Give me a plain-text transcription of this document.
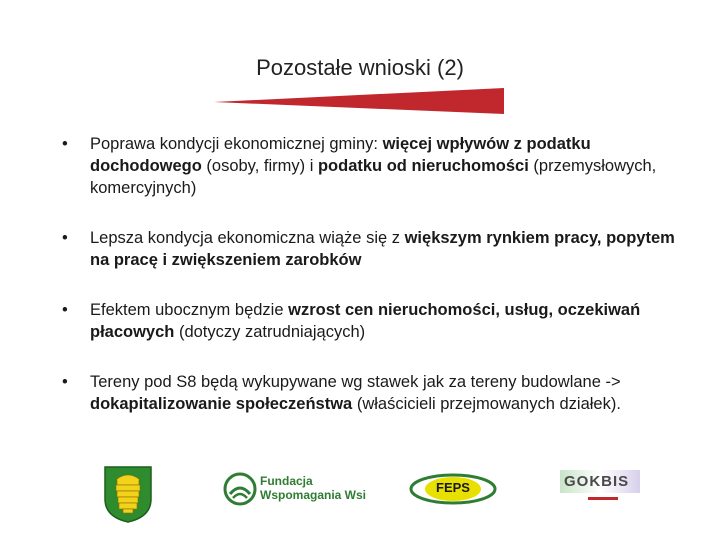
Pozostałe wnioski (2)
• Poprawa kondycji ekonomicznej gminy: więcej wpływów z podatku dochodowego (osoby, firmy) i podatku od nieruchomości (przemysłowych, komercyjnych)
• Lepsza kondycja ekonomiczna wiąże się z większym rynkiem pracy, popytem na pracę i zwiększeniem zarobków
• Efektem ubocznym będzie wzrost cen nieruchomości, usług, oczekiwań płacowych (dotyczy zatrudniających)
• Tereny pod S8 będą wykupywane wg stawek jak za tereny budowlane -> dokapitalizowanie społeczeństwa (właścicieli przejmowanych działek).
Fundacja
Wspomagania Wsi	FEPS	GOKBIS
